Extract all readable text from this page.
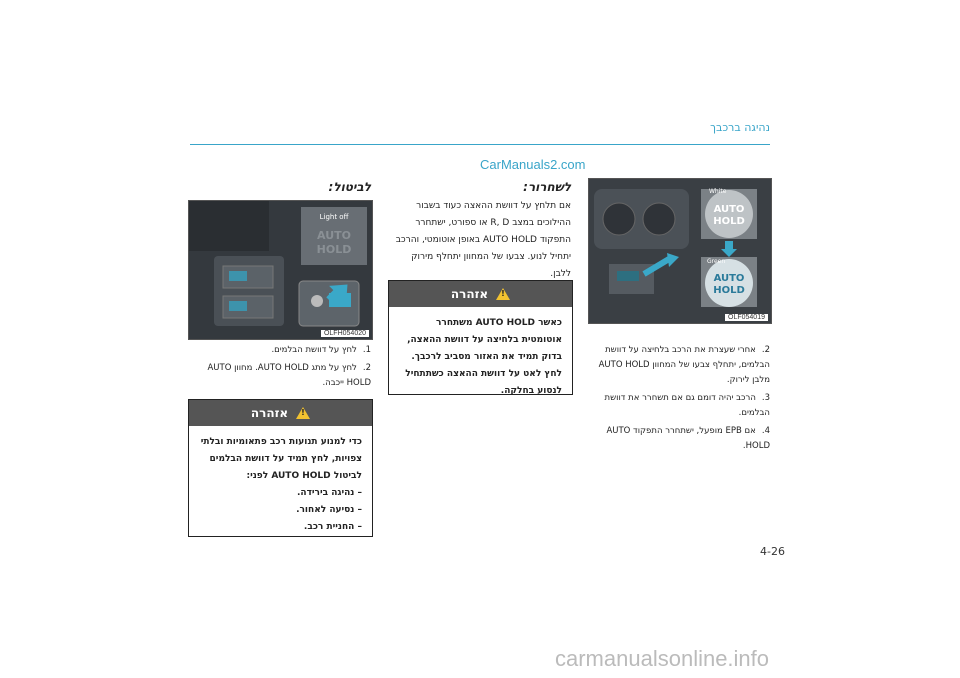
נהיגה ברכבך
CarManuals2.com
White
AUTO
HOLD
Green
AUTO
HOLD
OLF054019
2.אחרי שעצרת את הרכב בלחיצה על דוושת הבלמים, יתחלף צבעו של המחוון AUTO HOLD מלבן לירוק.
3.הרכב יהיה דומם גם אם תשחרר את דוושת הבלמים.
4.אם EPB מופעל, ישתחרר התפקוד AUTO HOLD.
לשחרור:
אם תלחץ על דוושת ההאצה כעוד בשבור ההילוכים במצב R, D או ספורט, ישתחרר התפקוד AUTO HOLD באופן אוטומטי, והרכב יתחיל לנוע. צבעו של המחוון יתחלף מירוק ללבן.
אזהרה
!
כאשר AUTO HOLD משתחרר אוטומטית בלחיצה על דוושת ההאצה, בדוק תמיד את האזור מסביב לרכבך. לחץ לאט על דוושת ההאצה כשתתחיל לנסוע בחלקה.
לביטול:
Light off
AUTO
HOLD
OLFH054020
1.לחץ על דוושת הבלמים.
2.לחץ על מתג AUTO HOLD. מחוון AUTO HOLD ייכבה.
אזהרה
!
כדי למנוע תנועות רכב פתאומיות ובלתי צפויות, לחץ תמיד על דוושת הבלמים לביטול AUTO HOLD לפני:
– נהיגה בירידה.
– נסיעה לאחור.
– החניית רכב.
4-26
carmanualsonline.info
